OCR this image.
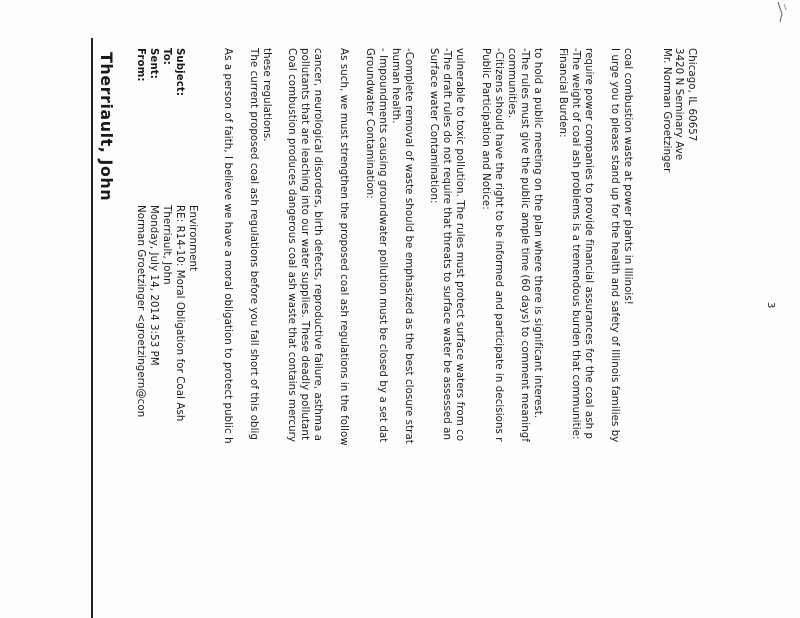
Therriault, John From:
Norman Groetzinger <groetzingern@con
Sent:
Monday, July 14, 2014 3:53 PM
To:
Therriault, John
Subject:
RE: R14-10: Moral Obligation for Coal Ash Environment As a person of faith, I believe we have a moral obligation to protect public h The current proposed coal ash regulations before you fall short of this oblig these regulations. Coal combustion produces dangerous coal ash waste that contains mercury pollutants that are leaching into our water supplies. These deadly pollutant cancer, neurological disorders, birth defects, reproductive failure, asthma a As such, we must strengthen the proposed coal ash regulations in the follow Groundwater Contamination: - Impoundments causing groundwater pollution must be closed by a set dat human health. -Complete removal of waste should be emphasized as the best closure strat Surface water Contamination: -The draft rules do not require that threats to surface water be assessed an vulnerable to toxic pollution. The rules must protect surface waters from co Public Participation and Notice: -Citizens should have the right to be informed and participate in decisions r communities. -The rules must give the public ample time (60 days) to comment meaningf to hold a public meeting on the plan where there is significant interest. Financial Burden: -The weight of coal ash problems is a tremendous burden that communitie: require power companies to provide financial assurances for the coal ash p I urge you to please stand up for the health and safety of Illinois families by coal combustion waste at power plants in Illinois!	Mr. Norman Groetzinger 3420 N Seminary Ave Chicago, IL 60657
3
